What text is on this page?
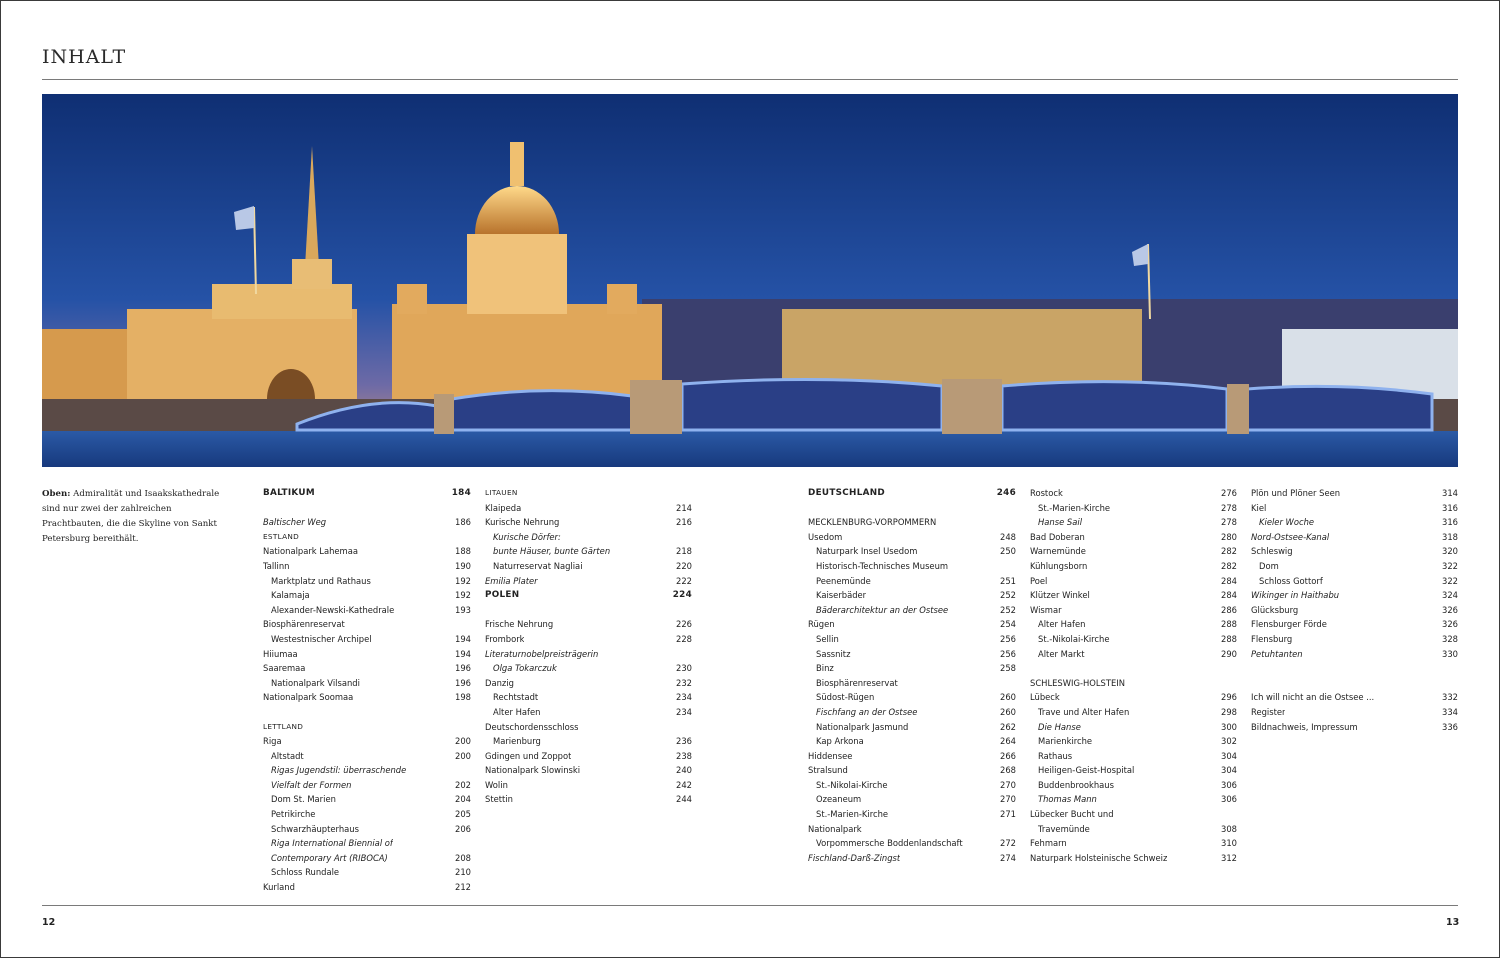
INHALT
Oben: Admiralität und Isaakskathedrale sind nur zwei der zahlreichen Prachtbauten, die die Skyline von Sankt Petersburg bereithält.
BALTIKUM	184
Baltischer Weg	186
ESTLAND
Nationalpark Lahemaa	188
Tallinn	190
Marktplatz und Rathaus	192
Kalamaja	192
Alexander-Newski-Kathedrale	193
Biosphärenreservat
Westestnischer Archipel	194
Hiiumaa	194
Saaremaa	196
Nationalpark Vilsandi	196
Nationalpark Soomaa	198
LETTLAND
Riga	200
Altstadt	200
Rigas Jugendstil: überraschende
Vielfalt der Formen	202
Dom St. Marien	204
Petrikirche	205
Schwarzhäupterhaus	206
Riga International Biennial of
Contemporary Art (RIBOCA)	208
Schloss Rundale	210
Kurland	212
LITAUEN
Klaipeda	214
Kurische Nehrung	216
Kurische Dörfer:
bunte Häuser, bunte Gärten	218
Naturreservat Nagliai	220
Emilia Plater	222
POLEN	224
Frische Nehrung	226
Frombork	228
Literaturnobelpreisträgerin
Olga Tokarczuk	230
Danzig	232
Rechtstadt	234
Alter Hafen	234
Deutschordensschloss
Marienburg	236
Gdingen und Zoppot	238
Nationalpark Slowinski	240
Wolin	242
Stettin	244
DEUTSCHLAND	246
MECKLENBURG-VORPOMMERN
Usedom	248
Naturpark Insel Usedom	250
Historisch-Technisches Museum
Peenemünde	251
Kaiserbäder	252
Bäderarchitektur an der Ostsee	252
Rügen	254
Sellin	256
Sassnitz	256
Binz	258
Biosphärenreservat
Südost-Rügen	260
Fischfang an der Ostsee	260
Nationalpark Jasmund	262
Kap Arkona	264
Hiddensee	266
Stralsund	268
St.-Nikolai-Kirche	270
Ozeaneum	270
St.-Marien-Kirche	271
Nationalpark
Vorpommersche Boddenlandschaft	272
Fischland-Darß-Zingst	274
Rostock	276
St.-Marien-Kirche	278
Hanse Sail	278
Bad Doberan	280
Warnemünde	282
Kühlungsborn	282
Poel	284
Klützer Winkel	284
Wismar	286
Alter Hafen	288
St.-Nikolai-Kirche	288
Alter Markt	290
SCHLESWIG-HOLSTEIN
Lübeck	296
Trave und Alter Hafen	298
Die Hanse	300
Marienkirche	302
Rathaus	304
Heiligen-Geist-Hospital	304
Buddenbrookhaus	306
Thomas Mann	306
Lübecker Bucht und
Travemünde	308
Fehmarn	310
Naturpark Holsteinische Schweiz	312
Plön und Plöner Seen	314
Kiel	316
Kieler Woche	316
Nord-Ostsee-Kanal	318
Schleswig	320
Dom	322
Schloss Gottorf	322
Wikinger in Haithabu	324
Glücksburg	326
Flensburger Förde	326
Flensburg	328
Petuhtanten	330
Ich will nicht an die Ostsee ...	332
Register	334
Bildnachweis, Impressum	336
12	13
